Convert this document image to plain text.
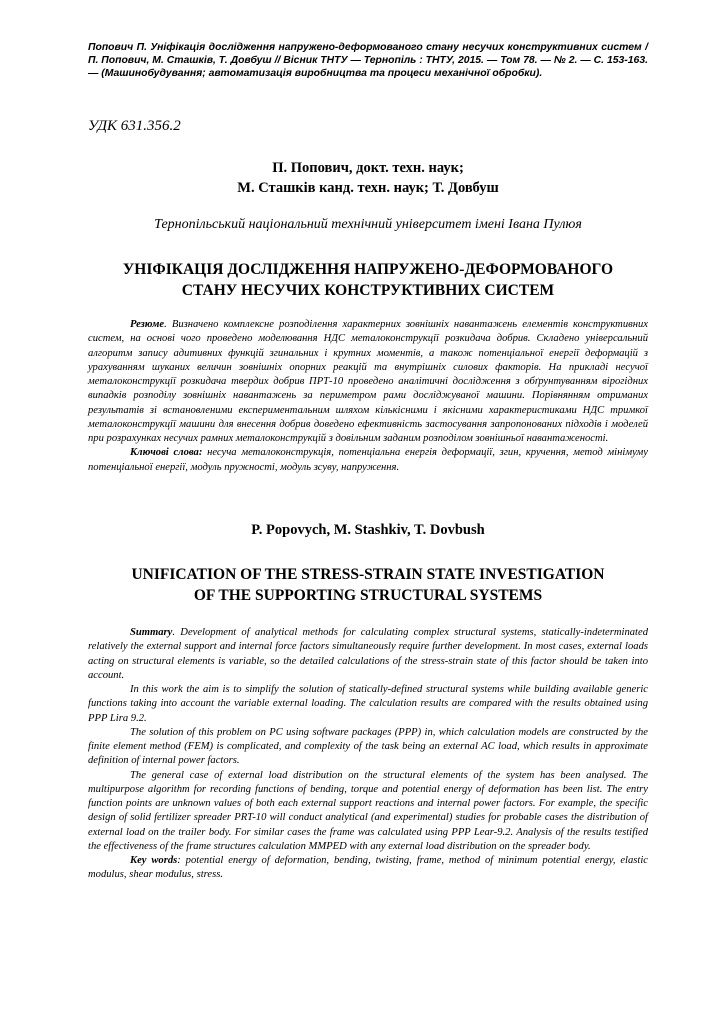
Попович П. Уніфікація дослідження напружено-деформованого стану несучих конструктивних систем / П. Попович, М. Сташків, Т. Довбуш // Вісник ТНТУ — Тернопіль : ТНТУ, 2015. — Том 78. — № 2. — С. 153-163. — (Машинобудування; автоматизація виробництва та процеси механічної обробки).

УДК 631.356.2

П. Попович, докт. техн. наук;
М. Сташків канд. техн. наук; Т. Довбуш

Тернопільський національний технічний університет імені Івана Пулюя

УНІФІКАЦІЯ ДОСЛІДЖЕННЯ НАПРУЖЕНО-ДЕФОРМОВАНОГО
СТАНУ НЕСУЧИХ КОНСТРУКТИВНИХ СИСТЕМ

Резюме. Визначено комплексне розподілення характерних зовнішніх навантажень елементів конструктивних систем, на основі чого проведено моделювання НДС металоконструкції розкидача добрив. Складено універсальний алгоритм запису адитивних функцій згинальних і крутних моментів, а також потенціальної енергії деформацій з урахуванням шуканих величин зовнішніх опорних реакцій та внутрішніх силових факторів. На прикладі несучої металоконструкції розкидача твердих добрив ПРТ-10 проведено аналітичні дослідження з обґрунтуванням вірогідних випадків розподілу зовнішніх навантажень за периметром рами досліджуваної машини. Порівнянням отриманих результатів зі встановленими експериментальним шляхом кількісними і якісними характеристиками НДС тримкої металоконструкції машини для внесення добрив доведено ефективність застосування запропонованих підходів і моделей при розрахунках несучих рамних металоконструкцій з довільним заданим розподілом зовнішньої навантаженості.

Ключові слова: несуча металоконструкція, потенціальна енергія деформації, згин, кручення, метод мінімуму потенціальної енергії, модуль пружності, модуль зсуву, напруження.

P. Popovych, M. Stashkiv, T. Dovbush

UNIFICATION OF THE STRESS-STRAIN STATE INVESTIGATION
OF THE SUPPORTING STRUCTURAL SYSTEMS

Summary. Development of analytical methods for calculating complex structural systems, statically-indeterminated relatively the external support and internal force factors simultaneously require further development. In most cases, external loads acting on structural elements is variable, so the detailed calculations of the stress-strain state of this factor should be taken into account.

In this work the aim is to simplify the solution of statically-defined structural systems while building available generic functions taking into account the variable external loading. The calculation results are compared with the results obtained using PPP Lira 9.2.

The solution of this problem on PC using software packages (PPP) in, which calculation models are constructed by the finite element method (FEM) is complicated, and complexity of the task being an external AC load, which results in approximate definition of internal power factors.

The general case of external load distribution on the structural elements of the system has been analysed. The multipurpose algorithm for recording functions of bending, torque and potential energy of deformation has been list. The entry function points are unknown values of both each external support reactions and internal power factors. For example, the specific design of solid fertilizer spreader PRT-10 will conduct analytical (and experimental) studies for probable cases the distribution of external load on the trailer body. For similar cases the frame was calculated using PPP Lear-9.2. Analysis of the results testified the effectiveness of the frame structures calculation MMPED with any external load distribution on the spreader body.

Key words: potential energy of deformation, bending, twisting, frame, method of minimum potential energy, elastic modulus, shear modulus, stress.
